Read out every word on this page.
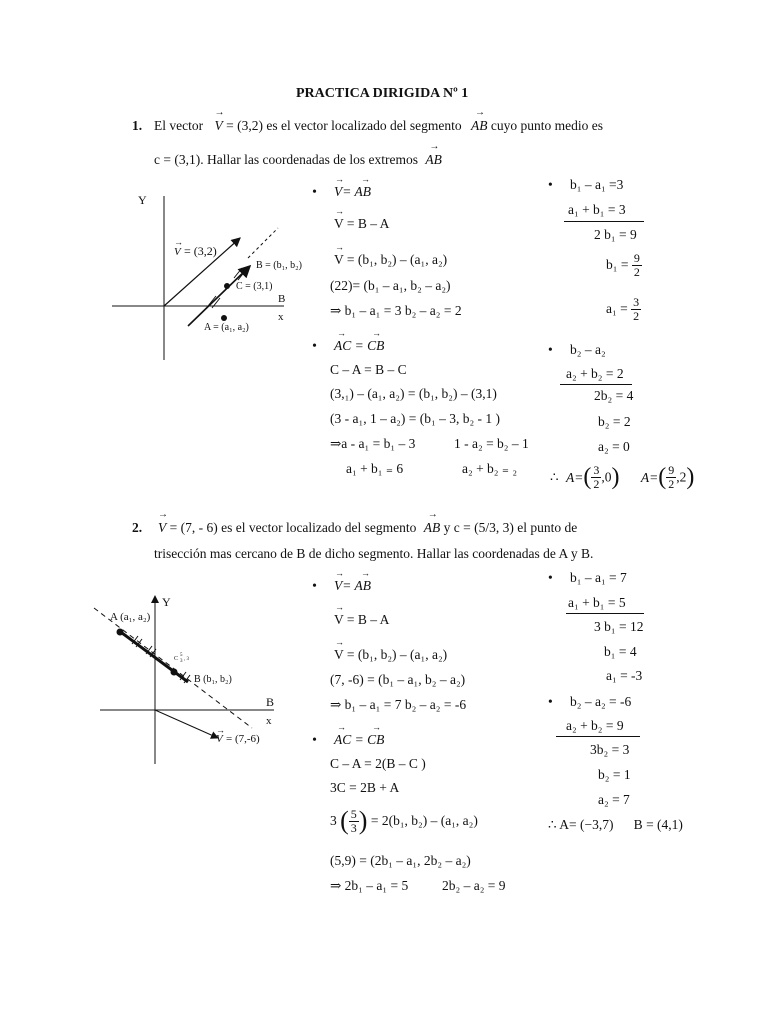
PRACTICA DIRIGIDA Nº 1
1. El vector
→
V = (3,2) es el vector localizado del segmento
→
AB cuyo punto medio es
c = (3,1). Hallar las coordenadas de los extremos
→
AB
Y
x
B
V
→
= (3,2)
B = (b₁, b₂)
C = (3,1)
A = (a₁, a₂)
• → →
V= AB
→
V = B – A
→
V = (b₁, b₂) – (a₁, a₂)
(22)= (b₁ – a₁, b₂ – a₂)
⇒ b₁ – a₁ = 3 b₂ – a₂ = 2
• →	→
AC = CB
C – A = B – C
(3,₁) – (a₁, a₂) = (b₁, b₂) – (3,1)
(3 - a₁, 1 – a₂) = (b₁ – 3, b₂ - 1 )
⇒a - a₁ = b₁ – 3	1 - a₂ = b₂ – 1
a₁ + b₁ ₌ 6	a₂ + b₂ ₌ ₂
• b₁ – a₁ =3
a₁ + b₁ = 3
2 b₁ = 9
$b_1 = \frac{9}{2}$
$a_1 = \frac{3}{2}$
• b₂ – a₂
a₂ + b₂ = 2
2b₂ = 4
b₂ = 2
a₂ = 0
∴ $A=( \frac{3}{2} ,0)$ $A=( \frac{9}{2} ,2)$
2.
→
V = (7, - 6) es el vector localizado del segmento
→
AB y c = (5/3, 3) el punto de
trisección mas cercano de B de dicho segmento. Hallar las coordenadas de A y B.
Y
x
B
A (a₁, a₂)
B (b₁, b₂)
C
5
3 , 3
V
→
= (7,-6)
• → →
V= AB
→
V = B – A
→
V = (b₁, b₂) – (a₁, a₂)
(7, -6) = (b₁ – a₁, b₂ – a₂)
⇒ b₁ – a₁ = 7 b₂ – a₂ = -6
• →	→
AC = CB
C – A = 2(B – C )
3C = 2B + A
3 ( $\frac{5}{3}$ ) = 2(b₁, b₂) – (a₁, a₂)
(5,9) = (2b₁ – a₁, 2b₂ – a₂)
⇒ 2b₁ – a₁ = 5	2b₂ – a₂ = 9
• b₁ – a₁ = 7
a₁ + b₁ = 5
3 b₁ = 12
b₁ = 4
a₁ = -3
• b₂ – a₂ = -6
a₂ + b₂ = 9
3b₂ = 3
b₂ = 1
a₂ = 7
∴ A= (−3,7)      B = (4,1)
